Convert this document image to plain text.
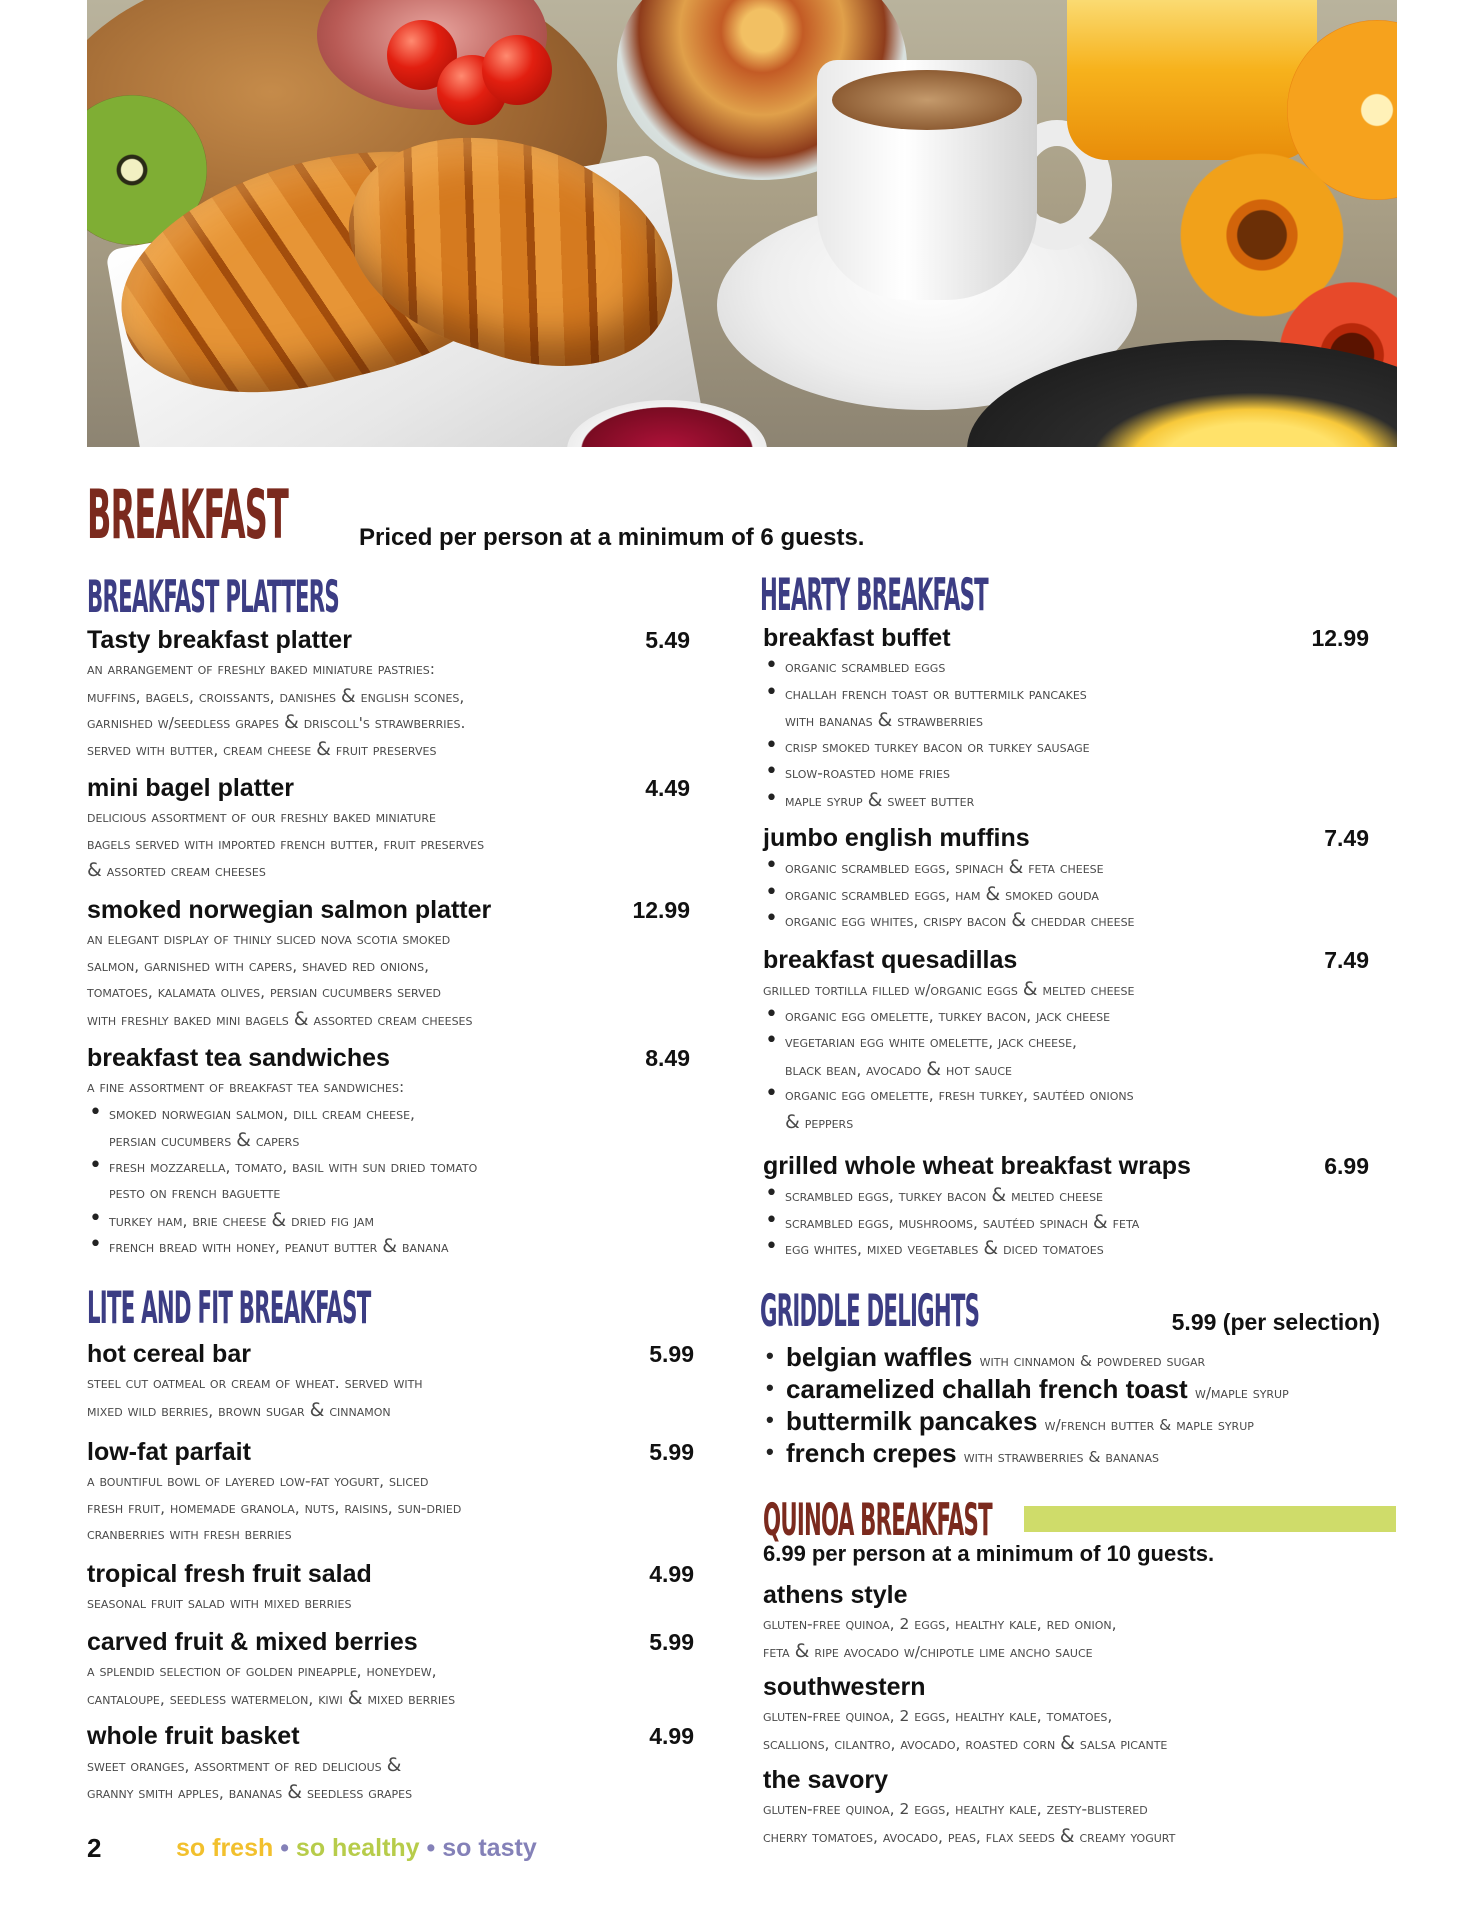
BREAKFAST	Priced per person at a minimum of 6 guests.
BREAKFAST PLATTERS	HEARTY BREAKFAST
LITE AND FIT BREAKFAST	GRIDDLE DELIGHTS
QUINOA BREAKFAST
Tasty breakfast platter	5.49
an arrangement of freshly baked miniature pastries:
muffins, bagels, croissants, danishes & english scones,
garnished w/seedless grapes & driscoll's strawberries.
served with butter, cream cheese & fruit preserves
mini bagel platter	4.49
delicious assortment of our freshly baked miniature
bagels served with imported french butter, fruit preserves
& assorted cream cheeses
smoked norwegian salmon platter	12.99
an elegant display of thinly sliced nova scotia smoked
salmon, garnished with capers, shaved red onions,
tomatoes, kalamata olives, persian cucumbers served
with freshly baked mini bagels & assorted cream cheeses
breakfast tea sandwiches	8.49
a fine assortment of breakfast tea sandwiches:
• smoked norwegian salmon, dill cream cheese,
persian cucumbers & capers
• fresh mozzarella, tomato, basil with sun dried tomato
pesto on french baguette
• turkey ham, brie cheese & dried fig jam
• french bread with honey, peanut butter & banana
hot cereal bar	5.99
steel cut oatmeal or cream of wheat. served with
mixed wild berries, brown sugar & cinnamon
low-fat parfait	5.99
a bountiful bowl of layered low-fat yogurt, sliced
fresh fruit, homemade granola, nuts, raisins, sun-dried
cranberries with fresh berries
tropical fresh fruit salad	4.99
seasonal fruit salad with mixed berries
carved fruit & mixed berries	5.99
a splendid selection of golden pineapple, honeydew,
cantaloupe, seedless watermelon, kiwi & mixed berries
whole fruit basket	4.99
sweet oranges, assortment of red delicious &
granny smith apples, bananas & seedless grapes
breakfast buffet	12.99
• organic scrambled eggs
• challah french toast or buttermilk pancakes
with bananas & strawberries
• crisp smoked turkey bacon or turkey sausage
• slow-roasted home fries
• maple syrup & sweet butter
jumbo english muffins	7.49
• organic scrambled eggs, spinach & feta cheese
• organic scrambled eggs, ham & smoked gouda
• organic egg whites, crispy bacon & cheddar cheese
breakfast quesadillas	7.49
grilled tortilla filled w/organic eggs & melted cheese
• organic egg omelette, turkey bacon, jack cheese
• vegetarian egg white omelette, jack cheese,
black bean, avocado & hot sauce
• organic egg omelette, fresh turkey, sautéed onions
& peppers
grilled whole wheat breakfast wraps	6.99
• scrambled eggs, turkey bacon & melted cheese
• scrambled eggs, mushrooms, sautéed spinach & feta
• egg whites, mixed vegetables & diced tomatoes
5.99 (per selection)
• belgian waffles with cinnamon & powdered sugar
• caramelized challah french toast w/maple syrup
• buttermilk pancakes w/french butter & maple syrup
• french crepes with strawberries & bananas
athens style
gluten-free quinoa, 2 eggs, healthy kale, red onion,
feta & ripe avocado w/chipotle lime ancho sauce
southwestern
gluten-free quinoa, 2 eggs, healthy kale, tomatoes,
scallions, cilantro, avocado, roasted corn & salsa picante
the savory
gluten-free quinoa, 2 eggs, healthy kale, zesty-blistered
cherry tomatoes, avocado, peas, flax seeds & creamy yogurt
6.99 per person at a minimum of 10 guests.
2	so fresh • so healthy • so tasty
